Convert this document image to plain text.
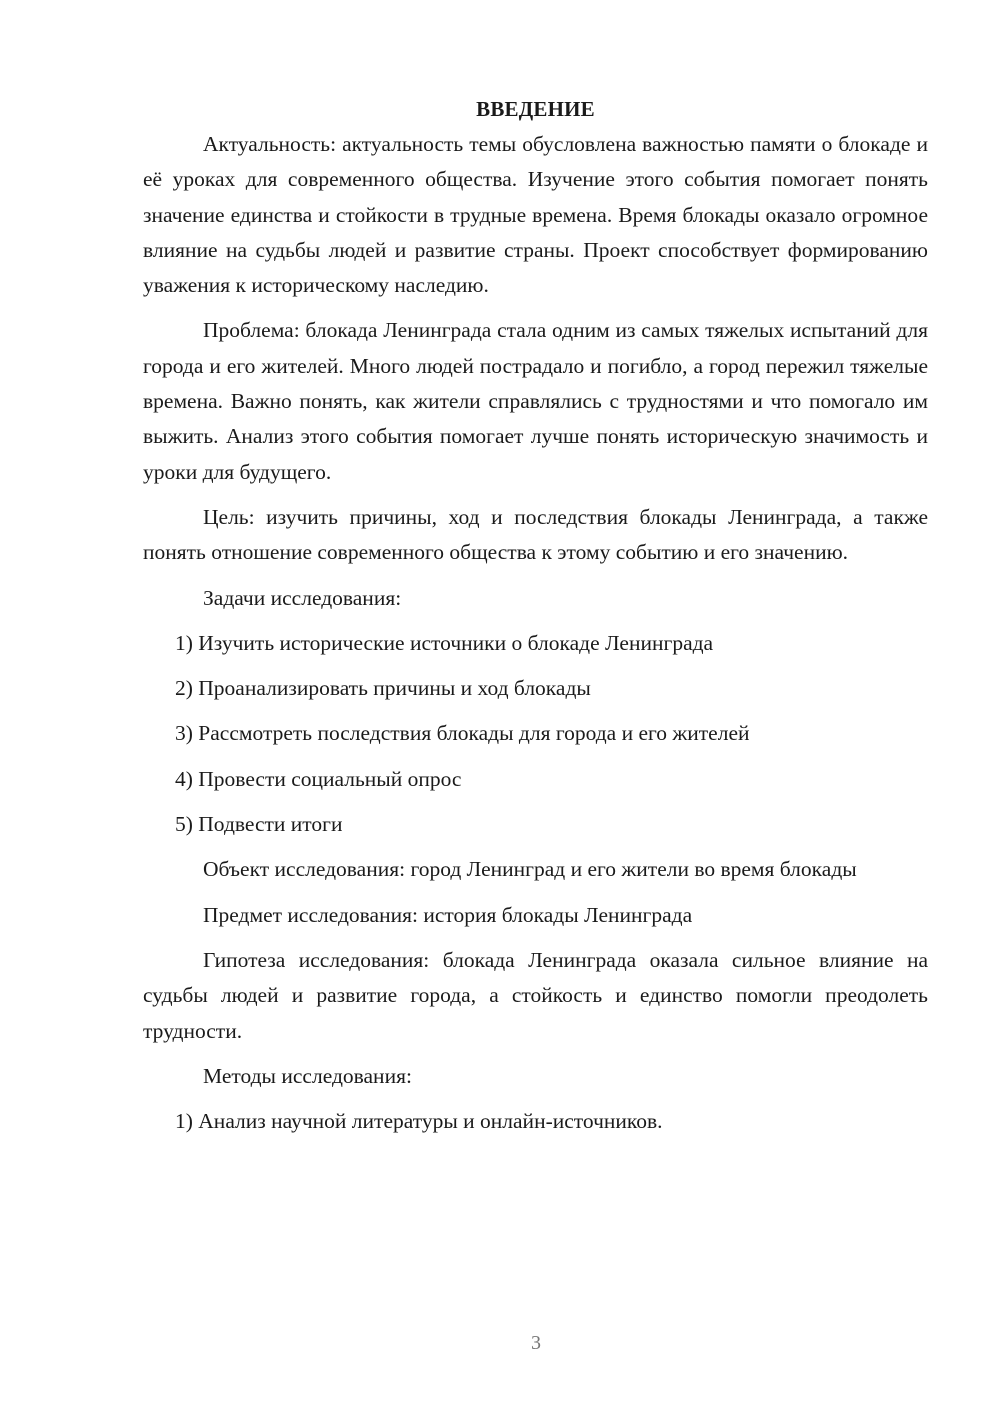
ВВЕДЕНИЕ

Актуальность: актуальность темы обусловлена важностью памяти о блокаде и её уроках для современного общества. Изучение этого события помогает понять значение единства и стойкости в трудные времена. Время блокады оказало огромное влияние на судьбы людей и развитие страны. Проект способствует формированию уважения к историческому наследию.

Проблема: блокада Ленинграда стала одним из самых тяжелых испытаний для города и его жителей. Много людей пострадало и погибло, а город пережил тяжелые времена. Важно понять, как жители справлялись с трудностями и что помогало им выжить. Анализ этого события помогает лучше понять историческую значимость и уроки для будущего.

Цель: изучить причины, ход и последствия блокады Ленинграда, а также понять отношение современного общества к этому событию и его значению.

Задачи исследования:
1) Изучить исторические источники о блокаде Ленинграда
2) Проанализировать причины и ход блокады
3) Рассмотреть последствия блокады для города и его жителей
4) Провести социальный опрос
5) Подвести итоги

Объект исследования: город Ленинград и его жители во время блокады

Предмет исследования: история блокады Ленинграда

Гипотеза исследования: блокада Ленинграда оказала сильное влияние на судьбы людей и развитие города, а стойкость и единство помогли преодолеть трудности.

Методы исследования:
1) Анализ научной литературы и онлайн-источников.
3
